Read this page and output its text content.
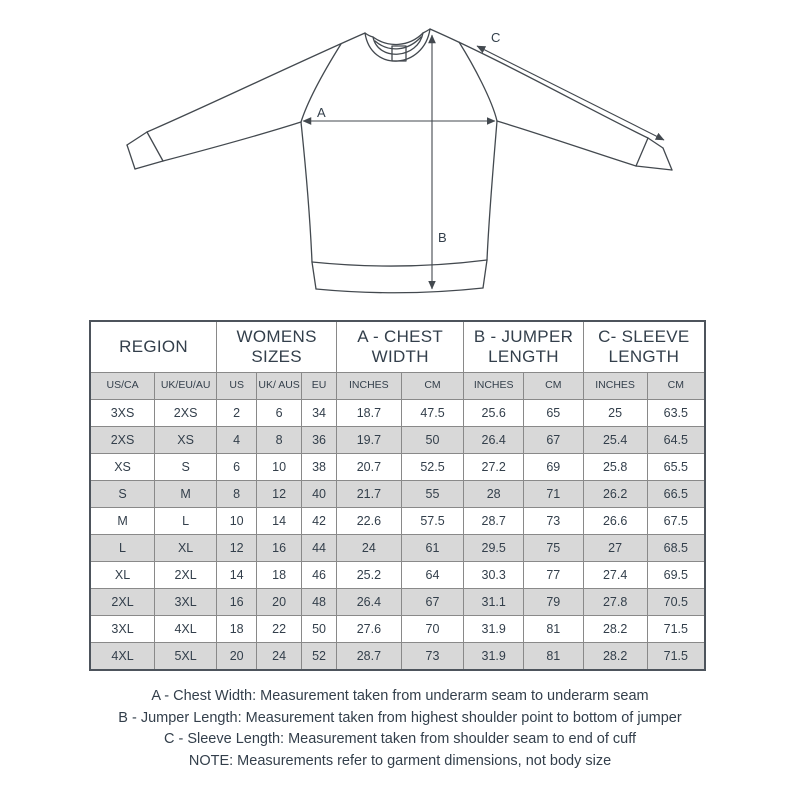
A
B
C
REGION		WOMENS SIZES			A - CHEST WIDTH		B - JUMPER LENGTH		C- SLEEVE LENGTH	
US/CA	UK/EU/AU	US	UK/ AUS	EU	INCHES	CM	INCHES	CM	INCHES	CM
3XS	2XS	2	6	34	18.7	47.5	25.6	65	25	63.5
2XS	XS	4	8	36	19.7	50	26.4	67	25.4	64.5
XS	S	6	10	38	20.7	52.5	27.2	69	25.8	65.5
S	M	8	12	40	21.7	55	28	71	26.2	66.5
M	L	10	14	42	22.6	57.5	28.7	73	26.6	67.5
L	XL	12	16	44	24	61	29.5	75	27	68.5
XL	2XL	14	18	46	25.2	64	30.3	77	27.4	69.5
2XL	3XL	16	20	48	26.4	67	31.1	79	27.8	70.5
3XL	4XL	18	22	50	27.6	70	31.9	81	28.2	71.5
4XL	5XL	20	24	52	28.7	73	31.9	81	28.2	71.5
A - Chest Width: Measurement taken from underarm seam to underarm seam
B - Jumper Length: Measurement taken from highest shoulder point to bottom of jumper
C - Sleeve Length: Measurement taken from shoulder seam to end of cuff
NOTE: Measurements refer to garment dimensions, not body size
